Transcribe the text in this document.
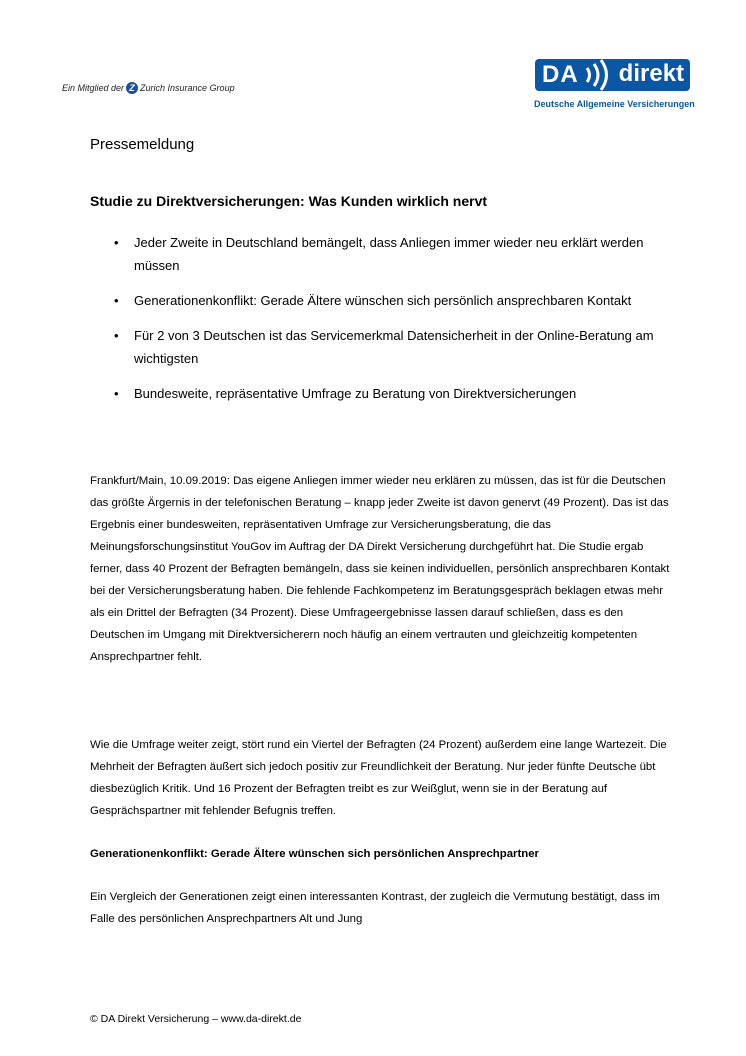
Ein Mitglied der Z Zurich Insurance Group	DA direkt
Deutsche Allgemeine Versicherungen
Pressemeldung
Studie zu Direktversicherungen: Was Kunden wirklich nervt
• Jeder Zweite in Deutschland bemängelt, dass Anliegen immer wieder neu erklärt werden müssen
• Generationenkonflikt: Gerade Ältere wünschen sich persönlich ansprechbaren Kontakt
• Für 2 von 3 Deutschen ist das Servicemerkmal Datensicherheit in der Online-Beratung am wichtigsten
• Bundesweite, repräsentative Umfrage zu Beratung von Direktversicherungen

Frankfurt/Main, 10.09.2019: Das eigene Anliegen immer wieder neu erklären zu müssen, das ist für die Deutschen das größte Ärgernis in der telefonischen Beratung – knapp jeder Zweite ist davon genervt (49 Prozent). Das ist das Ergebnis einer bundesweiten, repräsentativen Umfrage zur Versicherungsberatung, die das Meinungsforschungsinstitut YouGov im Auftrag der DA Direkt Versicherung durchgeführt hat. Die Studie ergab ferner, dass 40 Prozent der Befragten bemängeln, dass sie keinen individuellen, persönlich ansprechbaren Kontakt bei der Versicherungsberatung haben. Die fehlende Fachkompetenz im Beratungsgespräch beklagen etwas mehr als ein Drittel der Befragten (34 Prozent). Diese Umfrageergebnisse lassen darauf schließen, dass es den Deutschen im Umgang mit Direktversicherern noch häufig an einem vertrauten und gleichzeitig kompetenten Ansprechpartner fehlt.

Wie die Umfrage weiter zeigt, stört rund ein Viertel der Befragten (24 Prozent) außerdem eine lange Wartezeit. Die Mehrheit der Befragten äußert sich jedoch positiv zur Freundlichkeit der Beratung. Nur jeder fünfte Deutsche übt diesbezüglich Kritik. Und 16 Prozent der Befragten treibt es zur Weißglut, wenn sie in der Beratung auf Gesprächspartner mit fehlender Befugnis treffen.

Generationenkonflikt: Gerade Ältere wünschen sich persönlichen Ansprechpartner

Ein Vergleich der Generationen zeigt einen interessanten Kontrast, der zugleich die Vermutung bestätigt, dass im Falle des persönlichen Ansprechpartners Alt und Jung

© DA Direkt Versicherung – www.da-direkt.de
